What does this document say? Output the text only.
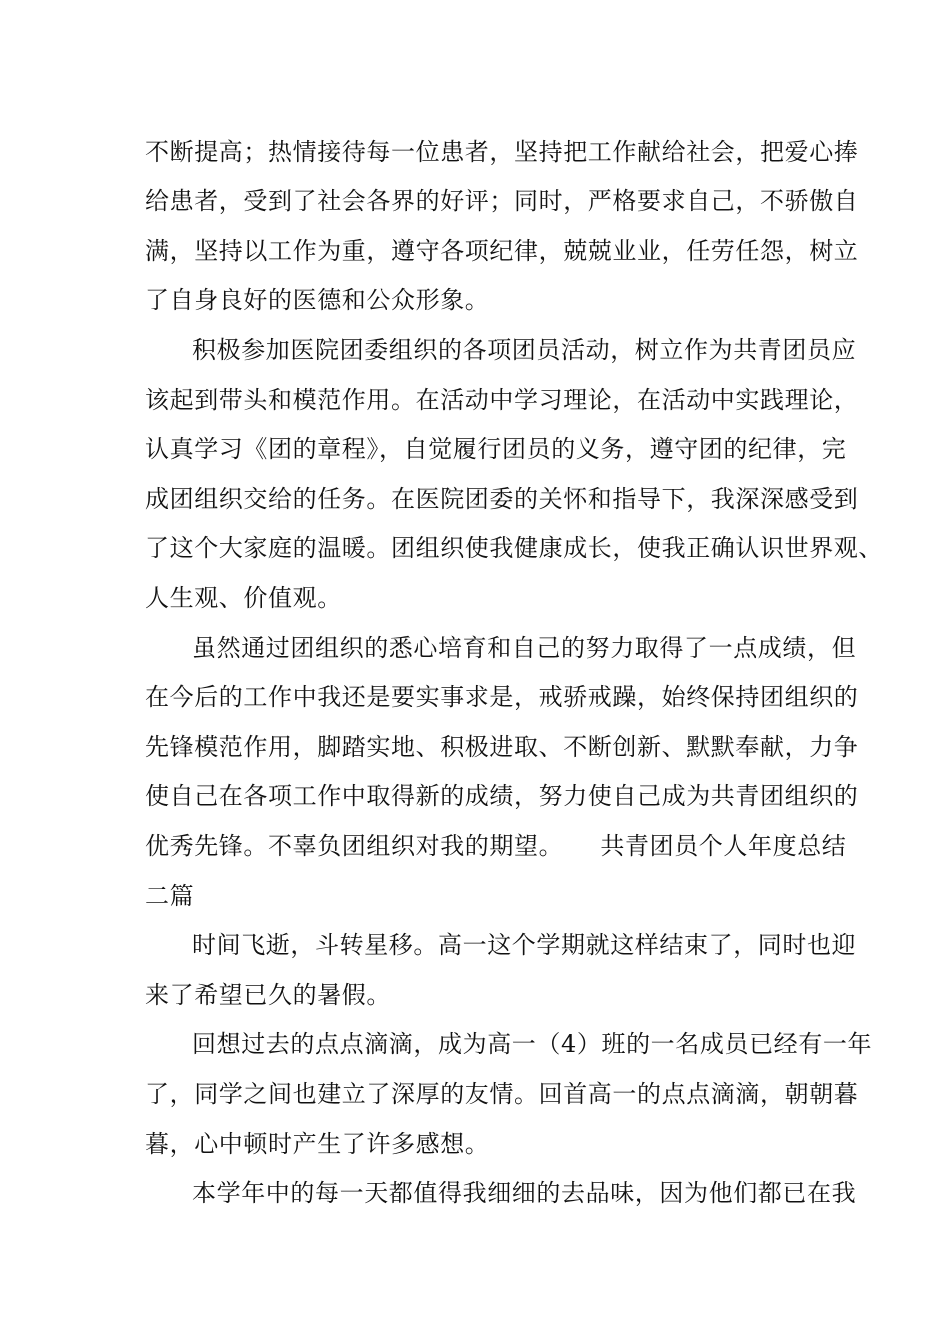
不断提高；热情接待每一位患者，坚持把工作献给社会，把爱心捧
给患者，受到了社会各界的好评；同时，严格要求自己，不骄傲自
满，坚持以工作为重，遵守各项纪律，兢兢业业，任劳任怨，树立
了自身良好的医德和公众形象。
积极参加医院团委组织的各项团员活动，树立作为共青团员应
该起到带头和模范作用。在活动中学习理论，在活动中实践理论，
认真学习《团的章程》，自觉履行团员的义务，遵守团的纪律，完
成团组织交给的任务。在医院团委的关怀和指导下，我深深感受到
了这个大家庭的温暖。团组织使我健康成长，使我正确认识世界观、
人生观、价值观。
虽然通过团组织的悉心培育和自己的努力取得了一点成绩，但
在今后的工作中我还是要实事求是，戒骄戒躁，始终保持团组织的
先锋模范作用，脚踏实地、积极进取、不断创新、默默奉献，力争
使自己在各项工作中取得新的成绩，努力使自己成为共青团组织的
优秀先锋。不辜负团组织对我的期望。　　共青团员个人年度总结
二篇
时间飞逝，斗转星移。高一这个学期就这样结束了，同时也迎
来了希望已久的暑假。
回想过去的点点滴滴，成为高一（4）班的一名成员已经有一年
了，同学之间也建立了深厚的友情。回首高一的点点滴滴，朝朝暮
暮，心中顿时产生了许多感想。
本学年中的每一天都值得我细细的去品味，因为他们都已在我
